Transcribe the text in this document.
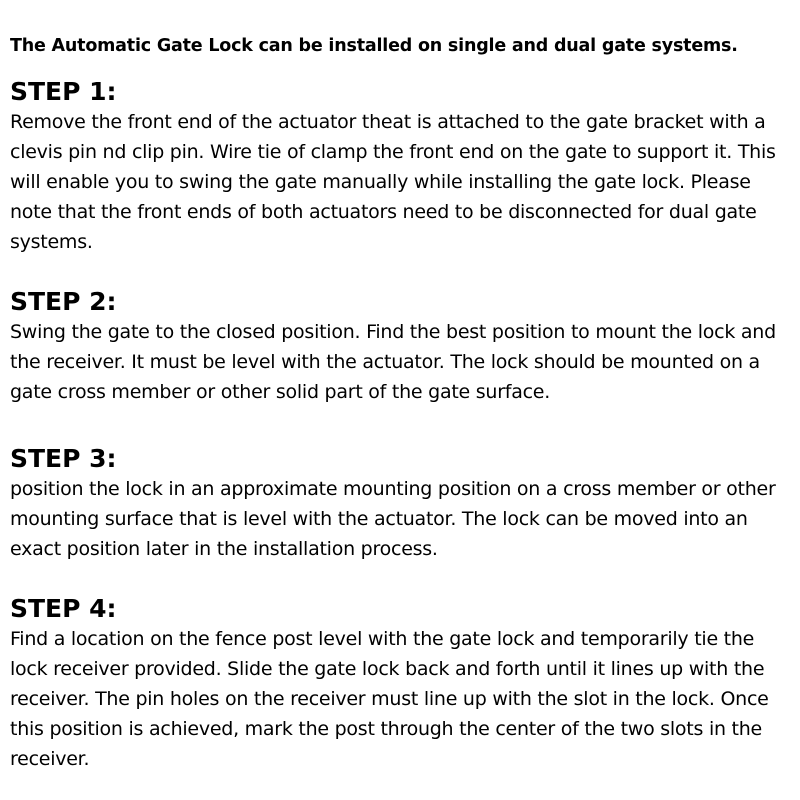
The Automatic Gate Lock can be installed on single and dual gate systems.
STEP 1:

Remove the front end of the actuator theat is attached to the gate bracket with a clevis pin nd clip pin. Wire tie of clamp the front end on the gate to support it. This will enable you to swing the gate manually while installing the gate lock. Please note that the front ends of both actuators need to be disconnected for dual gate systems.

STEP 2:

Swing the gate to the closed position. Find the best position to mount the lock and the receiver. It must be level with the actuator. The lock should be mounted on a gate cross member or other solid part of the gate surface.

STEP 3:

position the lock in an approximate mounting position on a cross member or other mounting surface that is level with the actuator. The lock can be moved into an exact position later in the installation process.

STEP 4:

Find a location on the fence post level with the gate lock and temporarily tie the lock receiver provided. Slide the gate lock back and forth until it lines up with the receiver. The pin holes on the receiver must line up with the slot in the lock. Once this position is achieved, mark the post through the center of the two slots in the receiver.
